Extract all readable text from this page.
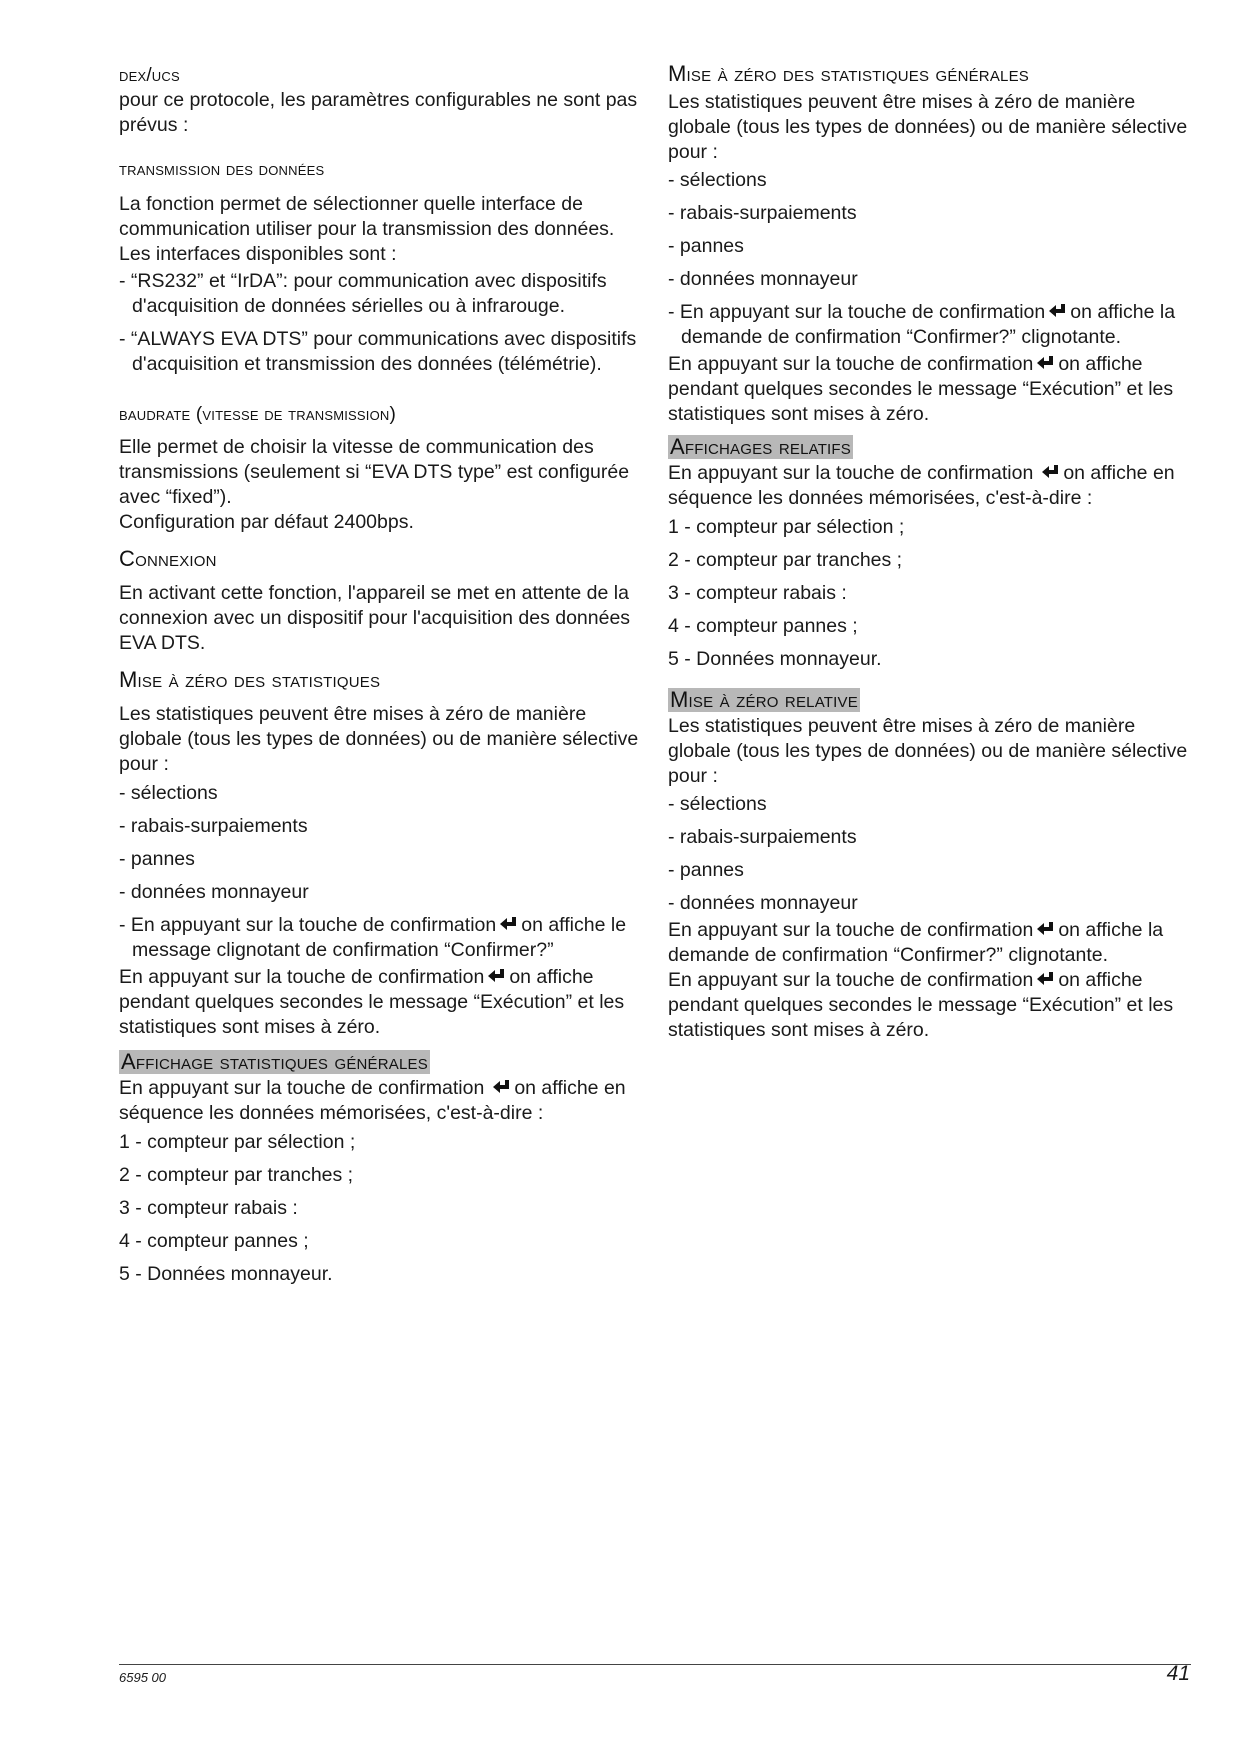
dex/ucs

pour ce protocole, les paramètres configurables ne sont pas prévus :

transmission des données

La fonction permet de sélectionner quelle interface de communication utiliser pour la transmission des données. Les interfaces disponibles sont :

- “RS232” et “IrDA”: pour communication avec dispositifs d'acquisition de données sérielles ou à infrarouge.

- “ALWAYS EVA DTS” pour communications avec dispositifs d'acquisition et transmission des données (télémétrie).

baudrate (vitesse de transmission)

Elle permet de choisir la vitesse de communication des transmissions (seulement si “EVA DTS type” est configurée avec “fixed”).

Configuration par défaut 2400bps.

Connexion

En activant cette fonction, l'appareil se met en attente de la connexion avec un dispositif pour l'acquisition des données EVA DTS.

Mise à zéro des statistiques

Les statistiques peuvent être mises à zéro de manière globale (tous les types de données) ou de manière sélective pour :

- sélections

- rabais-surpaiements

- pannes

- données monnayeur

- En appuyant sur la touche de confirmation on affiche le message clignotant de confirmation “Confirmer?”

En appuyant sur la touche de confirmation on affiche pendant quelques secondes le message “Exécution” et les statistiques sont mises à zéro.

Affichage statistiques générales

En appuyant sur la touche de confirmation on affiche en séquence les données mémorisées, c'est-à-dire :

1 - compteur par sélection ;

2 - compteur par tranches ;

3 - compteur rabais :

4 - compteur pannes ;

5 - Données monnayeur.

Mise à zéro des statistiques générales

Les statistiques peuvent être mises à zéro de manière globale (tous les types de données) ou de manière sélective pour :

- sélections

- rabais-surpaiements

- pannes

- données monnayeur

- En appuyant sur la touche de confirmation on affiche la demande de confirmation “Confirmer?” clignotante.

En appuyant sur la touche de confirmation on affiche pendant quelques secondes le message “Exécution” et les statistiques sont mises à zéro.

Affichages relatifs

En appuyant sur la touche de confirmation on affiche en séquence les données mémorisées, c'est-à-dire :

1 - compteur par sélection ;

2 - compteur par tranches ;

3 - compteur rabais :

4 - compteur pannes ;

5 - Données monnayeur.

Mise à zéro relative

Les statistiques peuvent être mises à zéro de manière globale (tous les types de données) ou de manière sélective pour :

- sélections

- rabais-surpaiements

- pannes

- données monnayeur

En appuyant sur la touche de confirmation on affiche la demande de confirmation “Confirmer?” clignotante.

En appuyant sur la touche de confirmation on affiche pendant quelques secondes le message “Exécution” et les statistiques sont mises à zéro.

6595 00	41
